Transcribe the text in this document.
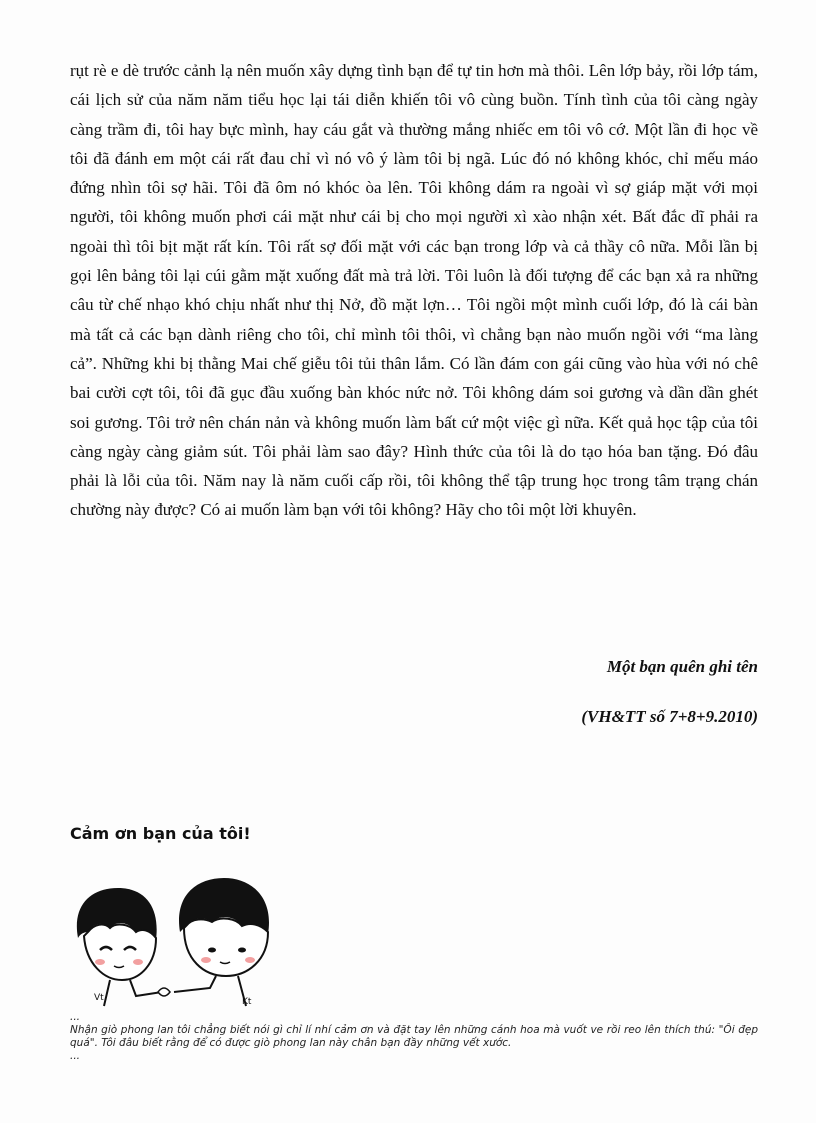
rụt rè e dè trước cảnh lạ nên muốn xây dựng tình bạn để tự tin hơn mà thôi. Lên lớp bảy, rồi lớp tám, cái lịch sử của năm năm tiểu học lại tái diễn khiến tôi vô cùng buồn. Tính tình của tôi càng ngày càng trầm đi, tôi hay bực mình, hay cáu gắt và thường mắng nhiếc em tôi vô cớ. Một lần đi học về tôi đã đánh em một cái rất đau chỉ vì nó vô ý làm tôi bị ngã. Lúc đó nó không khóc, chỉ mếu máo đứng nhìn tôi sợ hãi. Tôi đã ôm nó khóc òa lên. Tôi không dám ra ngoài vì sợ giáp mặt với mọi người, tôi không muốn phơi cái mặt như cái bị cho mọi người xì xào nhận xét. Bất đắc dĩ phải ra ngoài thì tôi bịt mặt rất kín. Tôi rất sợ đối mặt với các bạn trong lớp và cả thầy cô nữa. Mỗi lần bị gọi lên bảng tôi lại cúi gằm mặt xuống đất mà trả lời. Tôi luôn là đối tượng để các bạn xả ra những câu từ chế nhạo khó chịu nhất như thị Nở, đồ mặt lợn… Tôi ngồi một mình cuối lớp, đó là cái bàn mà tất cả các bạn dành riêng cho tôi, chỉ mình tôi thôi, vì chẳng bạn nào muốn ngồi với “ma làng cả”. Những khi bị thằng Mai chế giễu tôi tủi thân lắm. Có lần đám con gái cũng vào hùa với nó chê bai cười cợt tôi, tôi đã gục đầu xuống bàn khóc nức nở. Tôi không dám soi gương và dần dần ghét soi gương. Tôi trở nên chán nản và không muốn làm bất cứ một việc gì nữa. Kết quả học tập của tôi càng ngày càng giảm sút. Tôi phải làm sao đây? Hình thức của tôi là do tạo hóa ban tặng. Đó đâu phải là lỗi của tôi. Năm nay là năm cuối cấp rồi, tôi không thể tập trung học trong tâm trạng chán chường này được? Có ai muốn làm bạn với tôi không? Hãy cho tôi một lời khuyên.

Một bạn quên ghi tên

(VH&TT số 7+8+9.2010)

Cảm ơn bạn của tôi!
Vt	Kt

...

Nhận giò phong lan tôi chẳng biết nói gì chỉ lí nhí cảm ơn và đặt tay lên những cánh hoa mà vuốt ve rồi reo lên thích thú: "Ôi đẹp quá". Tôi đâu biết rằng để có được giò phong lan này chân bạn đầy những vết xước.

...
